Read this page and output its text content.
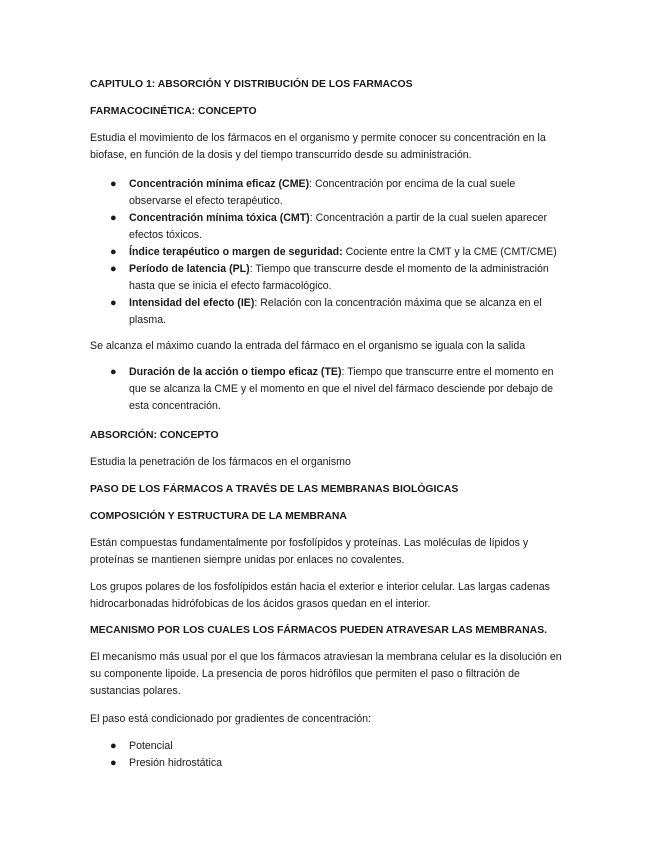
CAPITULO 1: ABSORCIÓN Y DISTRIBUCIÓN DE LOS FARMACOS

FARMACOCINÉTICA: CONCEPTO

Estudia el movimiento de los fármacos en el organismo y permite conocer su concentración en la biofase, en función de la dosis y del tiempo transcurrido desde su administración.

● Concentración mínima eficaz (CME): Concentración por encima de la cual suele observarse el efecto terapéutico.
● Concentración mínima tóxica (CMT): Concentración a partir de la cual suelen aparecer efectos tóxicos.
● Índice terapéutico o margen de seguridad: Cociente entre la CMT y la CME (CMT/CME)
● Período de latencia (PL): Tiempo que transcurre desde el momento de la administración hasta que se inicia el efecto farmacológico.
● Intensidad del efecto (IE): Relación con la concentración máxima que se alcanza en el plasma.

Se alcanza el máximo cuando la entrada del fármaco en el organismo se iguala con la salida

● Duración de la acción o tiempo eficaz (TE): Tiempo que transcurre entre el momento en que se alcanza la CME y el momento en que el nivel del fármaco desciende por debajo de esta concentración.

ABSORCIÓN: CONCEPTO

Estudia la penetración de los fármacos en el organismo

PASO DE LOS FÁRMACOS A TRAVÉS DE LAS MEMBRANAS BIOLÓGICAS

COMPOSICIÓN Y ESTRUCTURA DE LA MEMBRANA

Están compuestas fundamentalmente por fosfolípidos y proteínas. Las moléculas de lípidos y proteínas se mantienen siempre unidas por enlaces no covalentes.

Los grupos polares de los fosfolípidos están hacia el exterior e interior celular. Las largas cadenas hidrocarbonadas hidrófobicas de los ácidos grasos quedan en el interior.

MECANISMO POR LOS CUALES LOS FÁRMACOS PUEDEN ATRAVESAR LAS MEMBRANAS.

El mecanismo más usual por el que los fármacos atraviesan la membrana celular es la disolución en su componente lipoide. La presencia de poros hidrófilos que permiten el paso o filtración de sustancias polares.

El paso está condicionado por gradientes de concentración:

● Potencial
● Presión hidrostática
